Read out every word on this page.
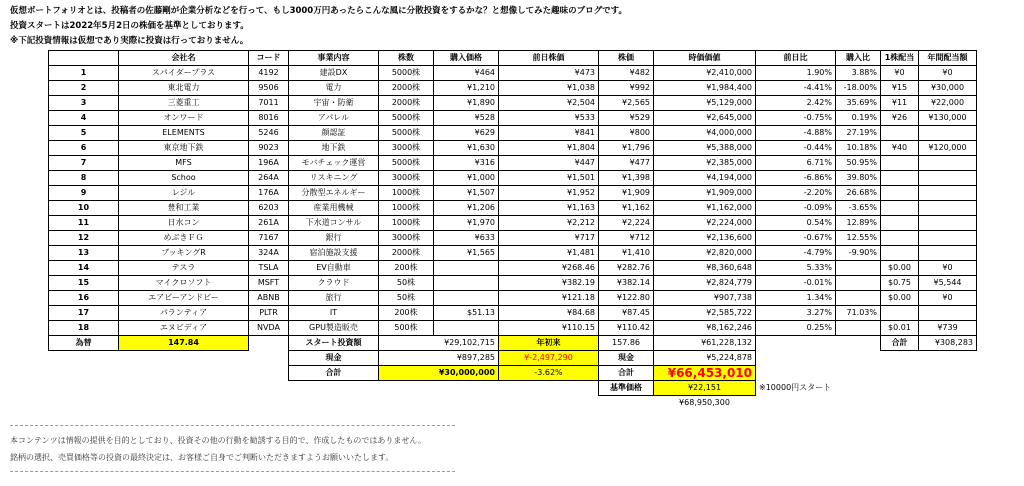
仮想ポートフォリオとは、投稿者の佐藤剛が企業分析などを行って、もし3000万円あったらこんな風に分散投資をするかな？と想像してみた趣味のブログです。
投資スタートは2022年5月2日の株価を基準としております。
※下記投資情報は仮想であり実際に投資は行っておりません。
	会社名	コード	事業内容	株数	購入価格	前日株価	株価	時価価値	前日比	購入比	1株配当	年間配当額
1	スパイダープラス	4192	建設DX	5000株	¥464	¥473	¥482	¥2,410,000	1.90%	3.88%	¥0	¥0
2	東北電力	9506	電力	2000株	¥1,210	¥1,038	¥992	¥1,984,400	-4.41%	-18.00%	¥15	¥30,000
3	三菱重工	7011	宇宙・防衛	2000株	¥1,890	¥2,504	¥2,565	¥5,129,000	2.42%	35.69%	¥11	¥22,000
4	オンワード	8016	アパレル	5000株	¥528	¥533	¥529	¥2,645,000	-0.75%	0.19%	¥26	¥130,000
5	ELEMENTS	5246	顔認証	5000株	¥629	¥841	¥800	¥4,000,000	-4.88%	27.19%		
6	東京地下鉄	9023	地下鉄	3000株	¥1,630	¥1,804	¥1,796	¥5,388,000	-0.44%	10.18%	¥40	¥120,000
7	MFS	196A	モバチェック運営	5000株	¥316	¥447	¥477	¥2,385,000	6.71%	50.95%		
8	Schoo	264A	リスキニング	3000株	¥1,000	¥1,501	¥1,398	¥4,194,000	-6.86%	39.80%		
9	レジル	176A	分散型エネルギー	1000株	¥1,507	¥1,952	¥1,909	¥1,909,000	-2.20%	26.68%		
10	豊和工業	6203	産業用機械	1000株	¥1,206	¥1,163	¥1,162	¥1,162,000	-0.09%	-3.65%		
11	日水コン	261A	下水道コンサル	1000株	¥1,970	¥2,212	¥2,224	¥2,224,000	0.54%	12.89%		
12	めぶきＦＧ	7167	銀行	3000株	¥633	¥717	¥712	¥2,136,600	-0.67%	12.55%		
13	ブッキングR	324A	宿泊施設支援	2000株	¥1,565	¥1,481	¥1,410	¥2,820,000	-4.79%	-9.90%		
14	テスラ	TSLA	EV自動車	200株		¥268.46	¥282.76	¥8,360,648	5.33%		$0.00	¥0
15	マイクロソフト	MSFT	クラウド	50株		¥382.19	¥382.14	¥2,824,779	-0.01%		$0.75	¥5,544
16	エアビーアンドビー	ABNB	旅行	50株		¥121.18	¥122.80	¥907,738	1.34%		$0.00	¥0
17	パランティア	PLTR	IT	200株	$51.13	¥84.68	¥87.45	¥2,585,722	3.27%	71.03%		
18	エヌビディア	NVDA	GPU製造販売	500株		¥110.15	¥110.42	¥8,162,246	0.25%		$0.01	¥739
為替	147.84		スタート投資額	¥29,102,715		年初来	157.86	¥61,228,132			合計	¥308,283
			現金	¥897,285		¥-2,497,290	現金	¥5,224,878				
			合計	¥30,000,000		-3.62%	合計	¥66,453,010				
							基準価格	¥22,151	※10000円スタート			
								¥68,950,300				
本コンテンツは情報の提供を目的としており、投資その他の行動を勧誘する目的で、作成したものではありません。
銘柄の選択、売買価格等の投資の最終決定は、お客様ご自身でご判断いただきますようお願いいたします。
